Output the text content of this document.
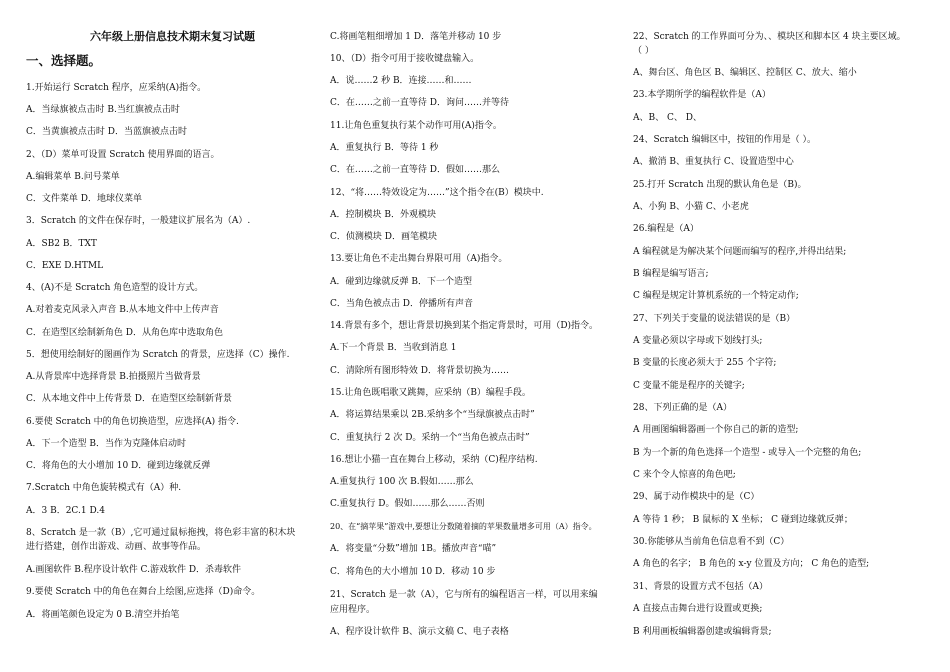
六年级上册信息技术期末复习试题
一、选择题。
1.开始运行 Scratch 程序，应采纳(A)指令。
A．当绿旗被点击时 B.当红旗被点击时
C．当黄旗被点击时 D．当蓝旗被点击时
2、（D）菜单可设置 Scratch 使用界面的语言。
A.编辑菜单 B.问号菜单
C．文件菜单 D．地球仪菜单
3．Scratch 的文件在保存时，一般建议扩展名为（A）.
A．SB2 B．TXT
C．EXE D.HTML
4、(A)不是 Scratch 角色造型的设计方式。
A.对着麦克风录入声音 B.从本地文件中上传声音
C．在造型区绘制新角色 D．从角色库中选取角色
5．想使用绘制好的图画作为 Scratch 的背景，应选择（C）操作.
A.从背景库中选择背景 B.拍摄照片当做背景
C．从本地文件中上传背景 D．在造型区绘制新背景
6.要使 Scratch 中的角色切换造型，应选择(A) 指令.
A．下一个造型 B．当作为克隆体启动时
C．将角色的大小增加 10 D．碰到边缘就反弹
7.Scratch 中角色旋转模式有（A）种.
A．3 B．2C.1 D.4
8、Scratch 是一款（B）,它可通过鼠标拖拽，将色彩丰富的积木块
进行搭建，创作出游戏、动画、故事等作品。
A.画图软件 B.程序设计软件 C.游戏软件 D．杀毒软件
9.要使 Scratch 中的角色在舞台上绘图,应选择（D)命令。
A．将画笔颜色设定为 0 B.清空并抬笔
C.将画笔粗细增加 1 D．落笔并移动 10 步
10、（D）指令可用于接收键盘输入。
A．说……2 秒 B．连接……和……
C．在……之前一直等待 D．询问……并等待
11.让角色重复执行某个动作可用(A)指令。
A．重复执行 B．等待 1 秒
C．在……之前一直等待 D．假如……那么
12、“将……特效设定为……”这个指令在(B）模块中.
A．控制模块 B．外观模块
C．侦测模块 D．画笔模块
13.要让角色不走出舞台界限可用（A)指令。
A．碰到边缘就反弹 B．下一个造型
C．当角色被点击 D．停播所有声音
14.背景有多个，想让背景切换到某个指定背景时，可用（D)指令。
A.下一个背景 B．当收到消息 1
C．清除所有图形特效 D．将背景切换为……
15.让角色既唱歌又跳舞，应采纳（B）编程手段。
A．将运算结果乘以 2B.采纳多个“当绿旗被点击时”
C．重复执行 2 次 D。采纳一个“当角色被点击时”
16.想让小猫一直在舞台上移动，采纳（C)程序结构.
A.重复执行 100 次 B.假如……那么
C.重复执行 D。假如……那么……否则
20、在“摘苹果”游戏中,要想让分数随着摘的苹果数量增多可用（A）指令。
A．将变量“分数”增加 1B。播放声音“喵”
C．将角色的大小增加 10 D．移动 10 步
21、Scratch 是一款（A），它与所有的编程语言一样，可以用来编
应用程序。
A、程序设计软件 B、演示文稿 C、电子表格
22、Scratch 的工作界面可分为、、模块区和脚本区 4 块主要区域。
（ ）
A、舞台区、角色区 B、编辑区、控制区 C、放大、缩小
23.本学期所学的编程软件是（A）
A、B、 C、 D、
24、Scratch 编辑区中，按钮的作用是（ ）。
A、撤消 B、重复执行 C、设置造型中心
25.打开 Scratch 出现的默认角色是（B)。
A、小狗 B、小猫 C、小老虎
26.编程是（A）
A 编程就是为解决某个问题而编写的程序,并得出结果;
B 编程是编写语言;
C 编程是规定计算机系统的一个特定动作;
27、下列关于变量的说法错误的是（B）
A 变量必须以字母或下划线打头;
B 变量的长度必须大于 255 个字符;
C 变量不能是程序的关键字;
28、下列正确的是（A）
A 用画图编辑器画一个你自己的新的造型;
B 为一个新的角色选择一个造型 - 或导入一个完整的角色;
C 来个令人惊喜的角色吧;
29、属于动作模块中的是（C）
A 等待 1 秒； B 鼠标的 X 坐标； C 碰到边缘就反弹；
30.你能够从当前角色信息看不到（C）
A 角色的名字； B 角色的 x-y 位置及方向； C 角色的造型;
31、背景的设置方式不包括（A）
A 直接点击舞台进行设置或更换;
B 利用画板编辑器创建或编辑背景;
